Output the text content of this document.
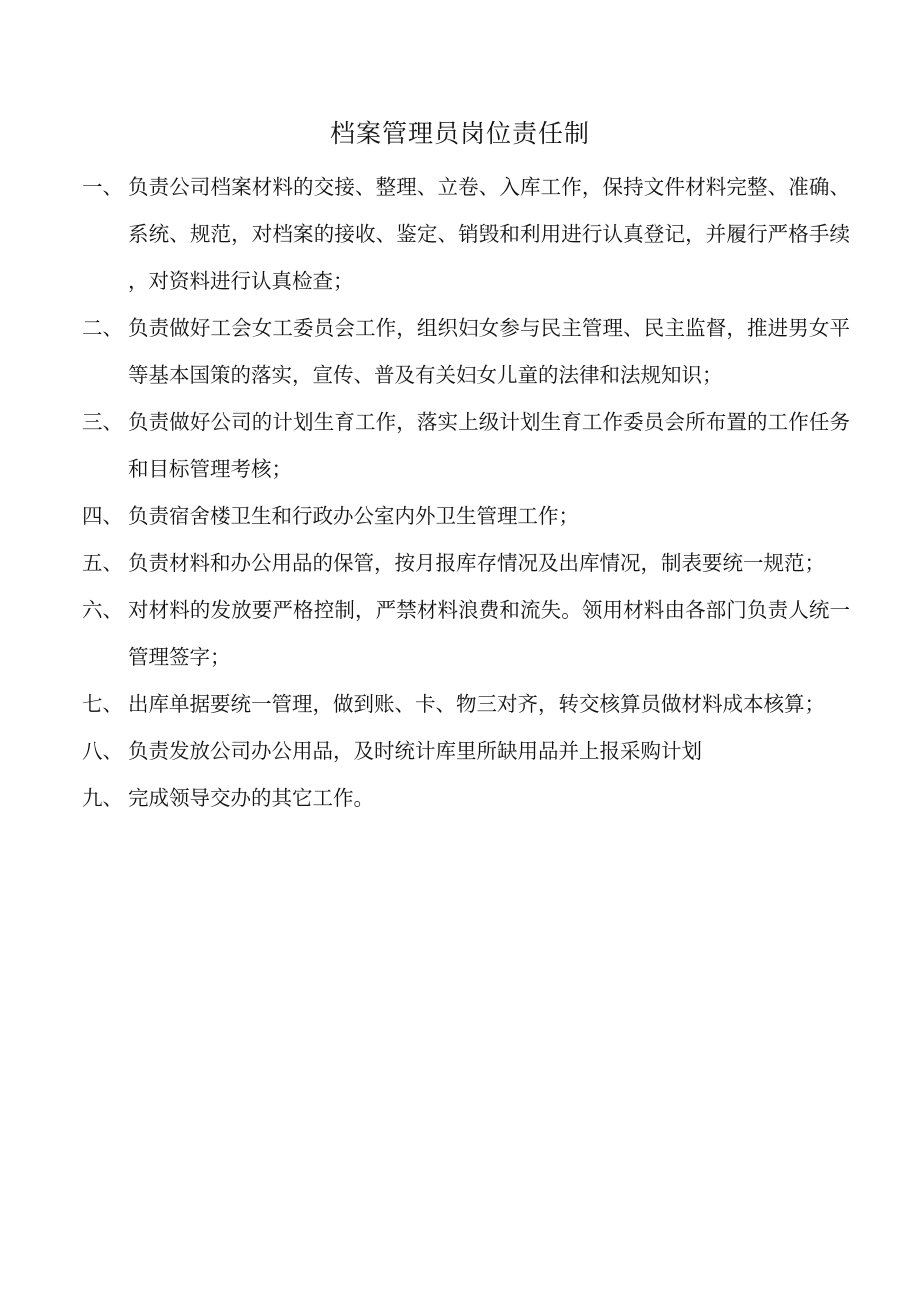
档案管理员岗位责任制
一、 负责公司档案材料的交接、整理、立卷、入库工作，保持文件材料完整、准确、系统、规范，对档案的接收、鉴定、销毁和利用进行认真登记，并履行严格手续，对资料进行认真检查；
二、 负责做好工会女工委员会工作，组织妇女参与民主管理、民主监督，推进男女平等基本国策的落实，宣传、普及有关妇女儿童的法律和法规知识；
三、 负责做好公司的计划生育工作，落实上级计划生育工作委员会所布置的工作任务和目标管理考核；
四、 负责宿舍楼卫生和行政办公室内外卫生管理工作；
五、 负责材料和办公用品的保管，按月报库存情况及出库情况，制表要统一规范；
六、 对材料的发放要严格控制，严禁材料浪费和流失。领用材料由各部门负责人统一管理签字；
七、 出库单据要统一管理，做到账、卡、物三对齐，转交核算员做材料成本核算；
八、 负责发放公司办公用品，及时统计库里所缺用品并上报采购计划
九、 完成领导交办的其它工作。
